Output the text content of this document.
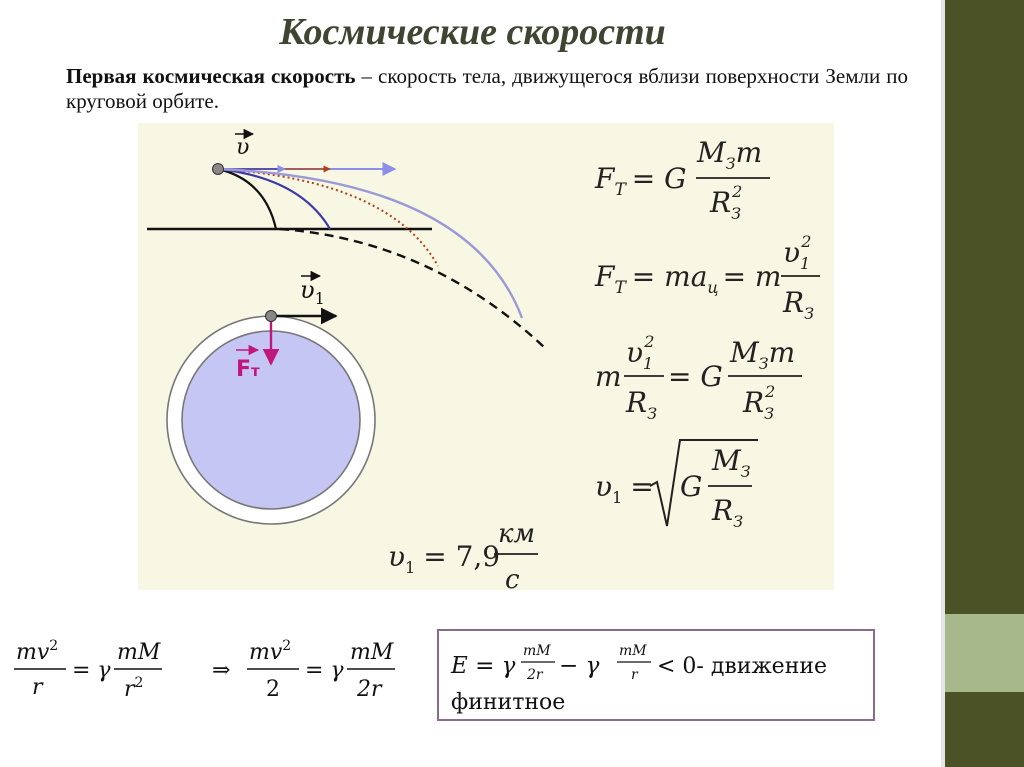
Космические скорости
Первая космическая скорость – скорость тела, движущегося вблизи поверхности Земли по круговой орбите.
υ
$\upsilon_1$
Fт
$F_T = G$
$M_Зm$
$R_З2$
$F_T = ma_ц = m$
$\upsilon_12$
$R_З$
m
$\upsilon_12$
$R_З$
= G
$M_Зm$
$R_З2$
$\upsilon_1 = G$
$M_З$
$R_З$
$\upsilon_1 = 7,9$
км
с
$mv^2$
r
= γ
mM
$r^2$	⇒
$mv^2$
2
= γ
mM
2r
E = γ
mM
2r − γ
mM
r < 0- движение
финитное
